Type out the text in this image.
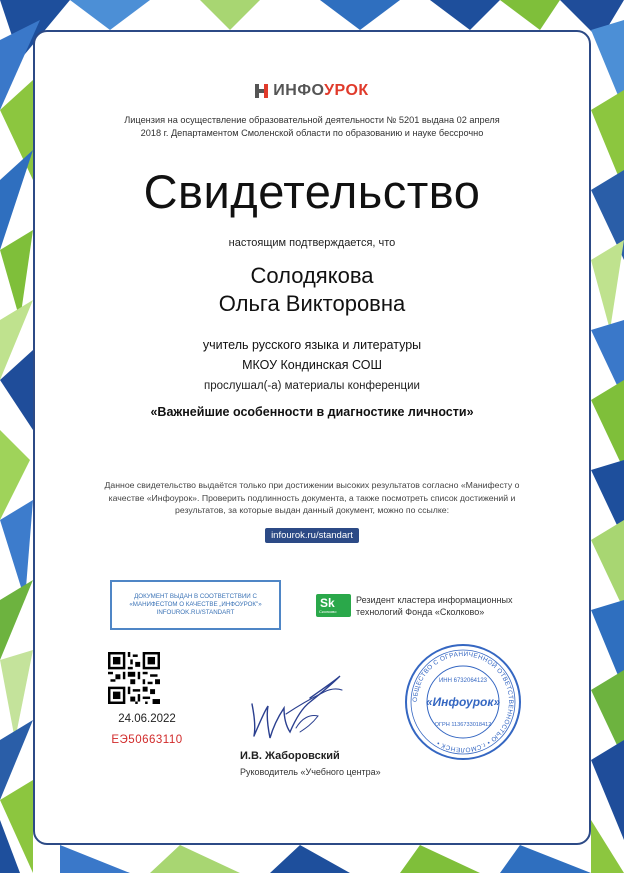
ИНФОУРОК
Лицензия на осуществление образовательной деятельности № 5201 выдана 02 апреля
2018 г. Департаментом Смоленской области по образованию и науке бессрочно
Свидетельство
настоящим подтверждается, что
Солодякова
Ольга Викторовна
учитель русского языка и литературы
МКОУ Кондинская СОШ
прослушал(-а) материалы конференции
«Важнейшие особенности в диагностике личности»
Данное свидетельство выдаётся только при достижении высоких результатов согласно «Манифесту о качестве «Инфоурок». Проверить подлинность документа, а также посмотреть список достижений и результатов, за которые выдан данный документ, можно по ссылке:
infourok.ru/standart
ДОКУМЕНТ ВЫДАН В СООТВЕТСТВИИ С
«МАНИФЕСТОМ О КАЧЕСТВЕ „ИНФОУРОК"»
INFOUROK.RU/STANDART
Sk
Сколково
Резидент кластера информационных
технологий Фонда «Сколково»
24.06.2022
ЕЭ50663110
И.В. Жаборовский
Руководитель «Учебного центра»
ОБЩЕСТВО С ОГРАНИЧЕННОЙ ОТВЕТСТВЕННОСТЬЮ • г.СМОЛЕНСК •
ИНН 6732064123
«Инфоурок»
ОГРН 1136733018412
